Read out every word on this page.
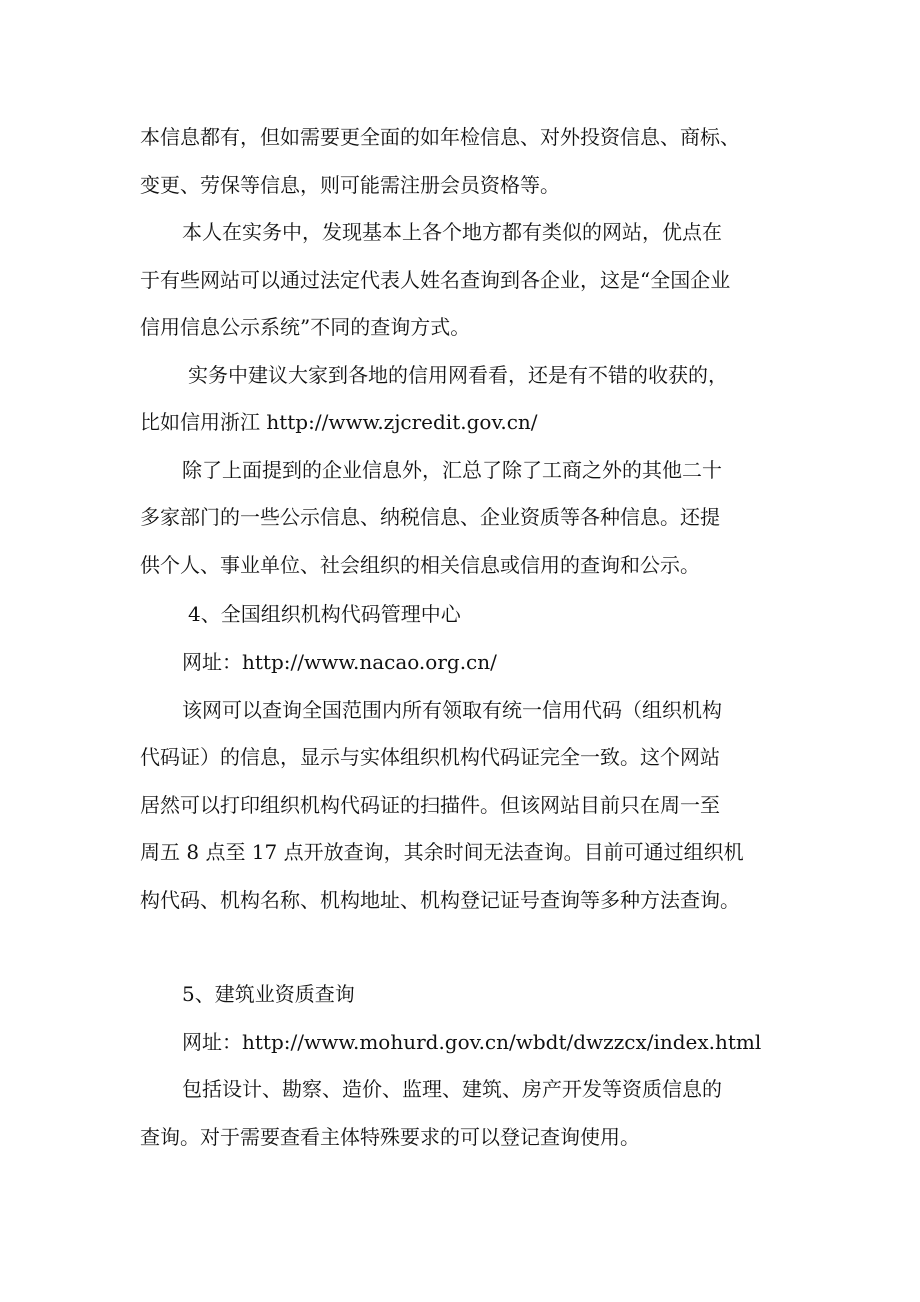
本信息都有，但如需要更全面的如年检信息、对外投资信息、商标、

变更、劳保等信息，则可能需注册会员资格等。

本人在实务中，发现基本上各个地方都有类似的网站，优点在

于有些网站可以通过法定代表人姓名查询到各企业，这是“全国企业

信用信息公示系统”不同的查询方式。

实务中建议大家到各地的信用网看看，还是有不错的收获的，

比如信用浙江 http://www.zjcredit.gov.cn/

除了上面提到的企业信息外，汇总了除了工商之外的其他二十

多家部门的一些公示信息、纳税信息、企业资质等各种信息。还提

供个人、事业单位、社会组织的相关信息或信用的查询和公示。

4、全国组织机构代码管理中心

网址：http://www.nacao.org.cn/

该网可以查询全国范围内所有领取有统一信用代码（组织机构

代码证）的信息，显示与实体组织机构代码证完全一致。这个网站

居然可以打印组织机构代码证的扫描件。但该网站目前只在周一至

周五 8 点至 17 点开放查询，其余时间无法查询。目前可通过组织机

构代码、机构名称、机构地址、机构登记证号查询等多种方法查询。

5、建筑业资质查询

网址：http://www.mohurd.gov.cn/wbdt/dwzzcx/index.html

包括设计、勘察、造价、监理、建筑、房产开发等资质信息的

查询。对于需要查看主体特殊要求的可以登记查询使用。
